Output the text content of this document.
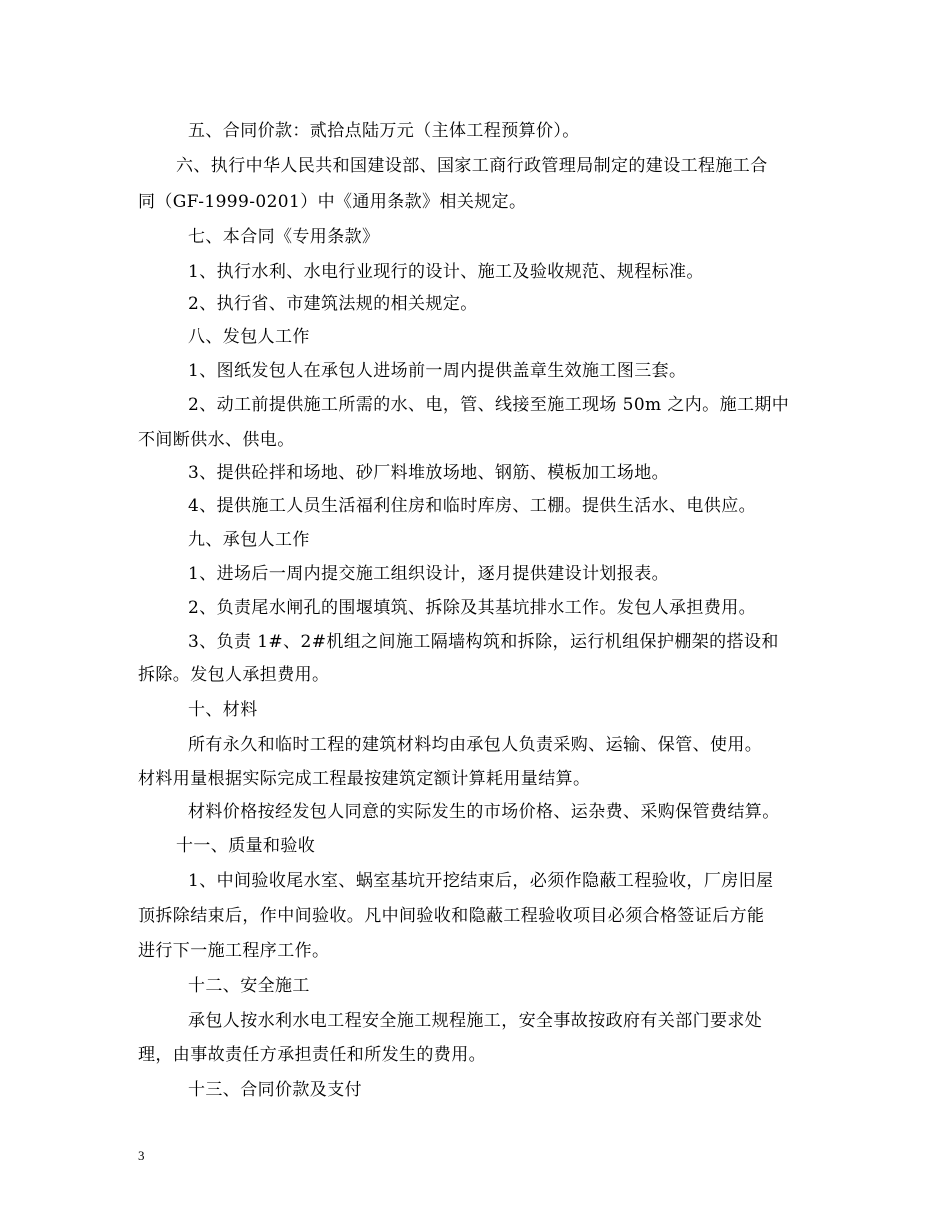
五、合同价款：贰拾点陆万元（主体工程预算价）。
六、执行中华人民共和国建设部、国家工商行政管理局制定的建设工程施工合
同（GF-1999-0201）中《通用条款》相关规定。
七、本合同《专用条款》
1、执行水利、水电行业现行的设计、施工及验收规范、规程标准。
2、执行省、市建筑法规的相关规定。
八、发包人工作
1、图纸发包人在承包人进场前一周内提供盖章生效施工图三套。
2、动工前提供施工所需的水、电，管、线接至施工现场 50m 之内。施工期中
不间断供水、供电。
3、提供砼拌和场地、砂厂料堆放场地、钢筋、模板加工场地。
4、提供施工人员生活福利住房和临时库房、工棚。提供生活水、电供应。
九、承包人工作
1、进场后一周内提交施工组织设计，逐月提供建设计划报表。
2、负责尾水闸孔的围堰填筑、拆除及其基坑排水工作。发包人承担费用。
3、负责 1#、2#机组之间施工隔墙构筑和拆除，运行机组保护棚架的搭设和
拆除。发包人承担费用。
十、材料
所有永久和临时工程的建筑材料均由承包人负责采购、运输、保管、使用。
材料用量根据实际完成工程最按建筑定额计算耗用量结算。
材料价格按经发包人同意的实际发生的市场价格、运杂费、采购保管费结算。
十一、质量和验收
1、中间验收尾水室、蜗室基坑开挖结束后，必须作隐蔽工程验收，厂房旧屋
顶拆除结束后，作中间验收。凡中间验收和隐蔽工程验收项目必须合格签证后方能
进行下一施工程序工作。
十二、安全施工
承包人按水利水电工程安全施工规程施工，安全事故按政府有关部门要求处
理，由事故责任方承担责任和所发生的费用。
十三、合同价款及支付
3
